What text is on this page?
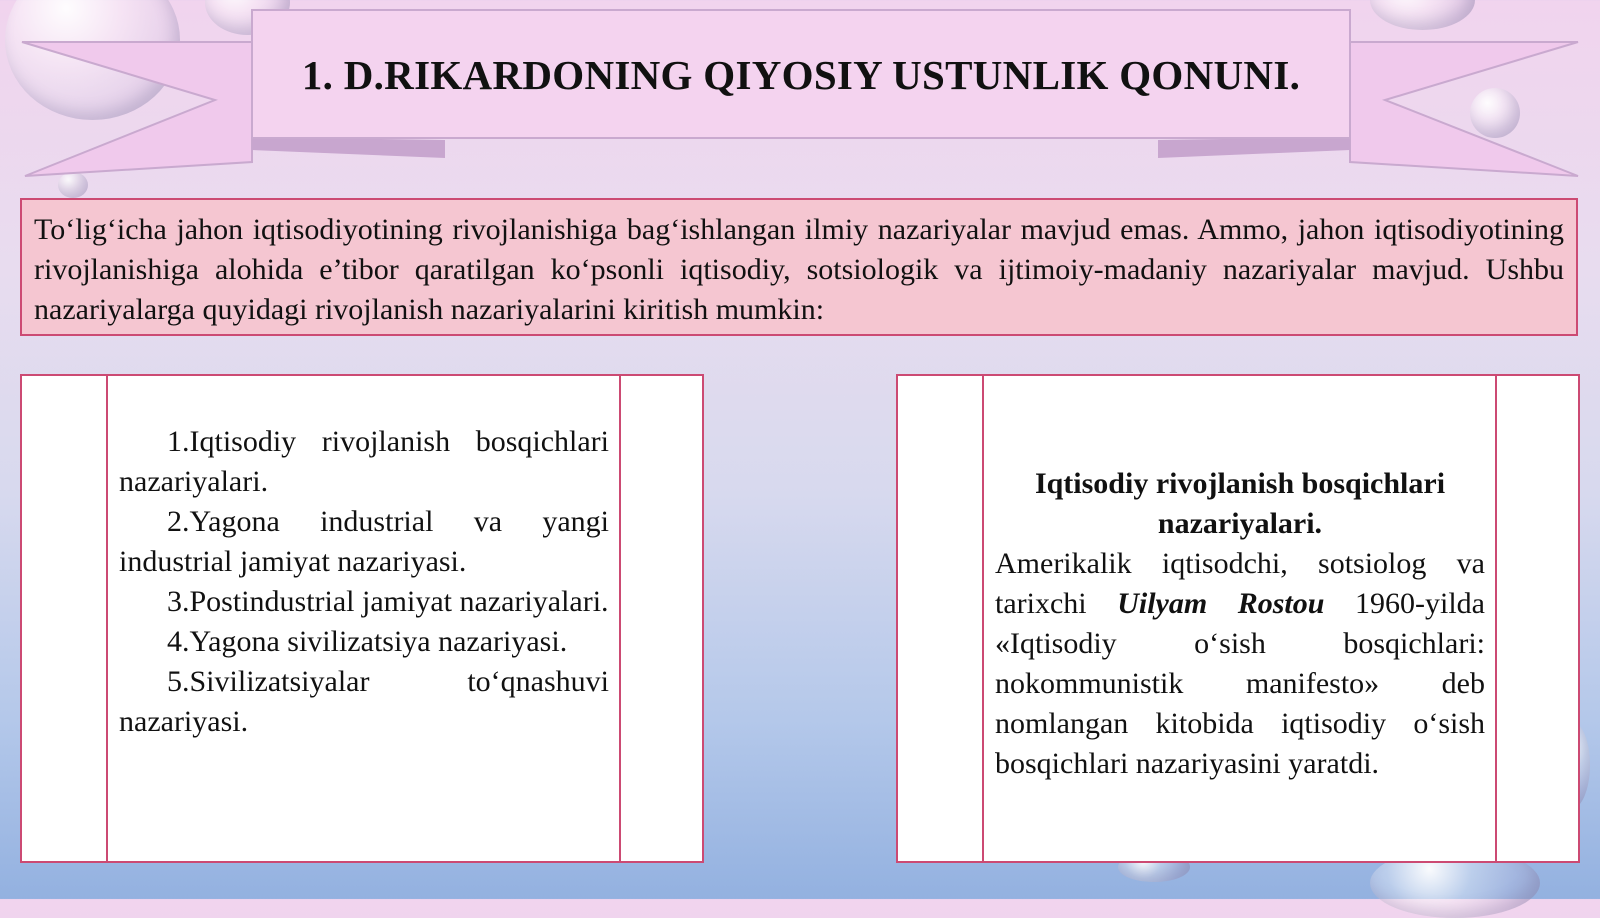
1. D.RIKARDONING QIYOSIY USTUNLIK QONUNI.
To‘lig‘icha jahon iqtisodiyotining rivojlanishiga bag‘ishlangan ilmiy nazariyalar mavjud emas. Ammo, jahon iqtisodiyotining rivojlanishiga alohida e’tibor qaratilgan ko‘psonli iqtisodiy, sotsiologik va ijtimoiy-madaniy nazariyalar mavjud. Ushbu nazariyalarga quyidagi rivojlanish nazariyalarini kiritish mumkin:

1.Iqtisodiy rivojlanish bosqichlari nazariyalari.

2.Yagona industrial va yangi industrial jamiyat nazariyasi.

3.Postindustrial jamiyat nazariyalari.

4.Yagona sivilizatsiya nazariyasi.

5.Sivilizatsiyalar to‘qnashuvi nazariyasi.

Iqtisodiy rivojlanish bosqichlari nazariyalari.

Amerikalik iqtisodchi, sotsiolog va tarixchi Uilyam Rostou 1960-yilda «Iqtisodiy o‘sish bosqichlari: nokommunistik manifesto» deb nomlangan kitobida iqtisodiy o‘sish bosqichlari nazariyasini yaratdi.
